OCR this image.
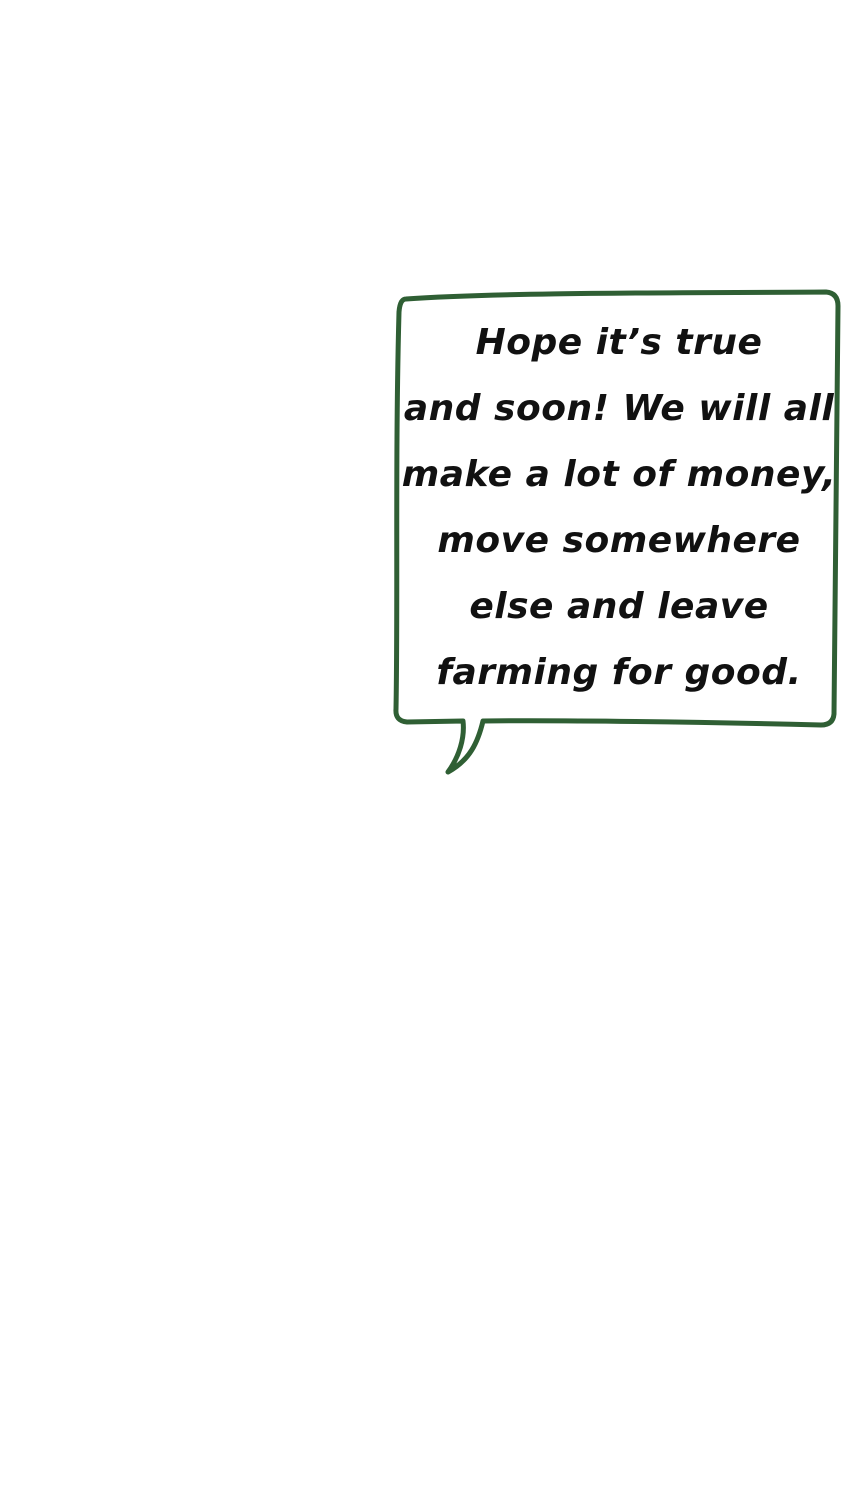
Hope it’s true
and soon! We will all
make a lot of money,
move somewhere
else and leave
farming for good.
